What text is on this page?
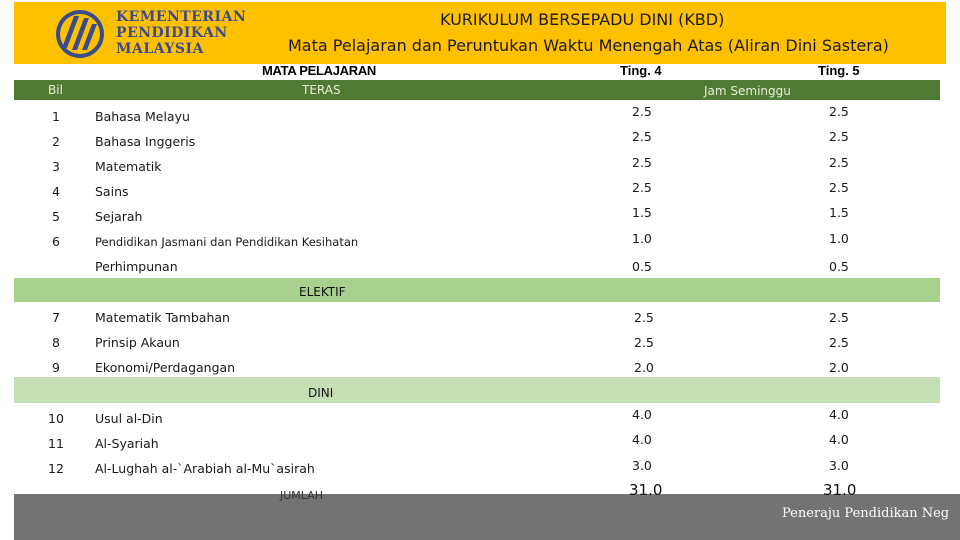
KEMENTERIAN
PENDIDIKAN
MALAYSIA
KURIKULUM BERSEPADU DINI (KBD)
Mata Pelajaran dan Peruntukan Waktu Menengah Atas (Aliran Dini Sastera)
MATA PELAJARAN	Ting. 4	Ting. 5
Bil	TERAS	Jam Seminggu
1	Bahasa Melayu	2.5	2.5
2	Bahasa Inggeris	2.5	2.5
3	Matematik	2.5	2.5
4	Sains	2.5	2.5
5	Sejarah	1.5	1.5
6	Pendidikan Jasmani dan Pendidikan Kesihatan	1.0	1.0
Perhimpunan	0.5	0.5
ELEKTIF
7	Matematik Tambahan	2.5	2.5
8	Prinsip Akaun	2.5	2.5
9	Ekonomi/Perdagangan	2.0	2.0
DINI
10 Usul al-Din	4.0	4.0
11 Al-Syariah	4.0	4.0
12 Al-Lughah al-`Arabiah al-Mu`asirah	3.0	3.0
Peneraju Pendidikan Neg
JUMLAH	31.0	31.0
